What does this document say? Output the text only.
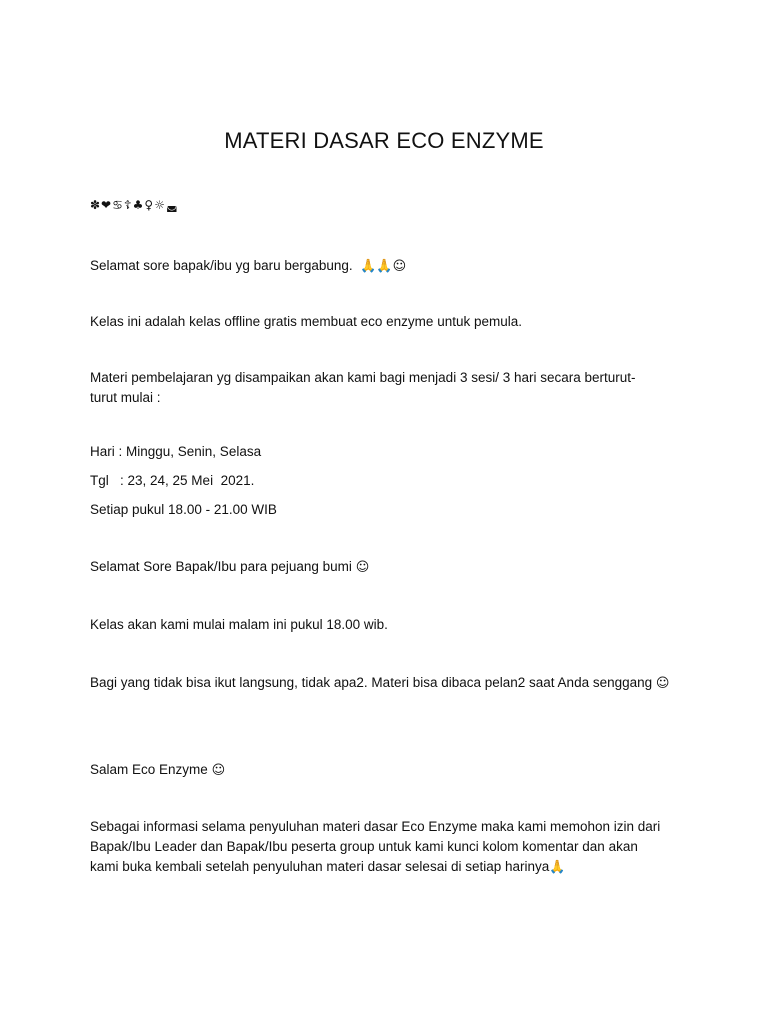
MATERI DASAR ECO ENZYME
✽❤♋☦♣♀☼◛
Selamat sore bapak/ibu yg baru bergabung. 🙏🙏☺
Kelas ini adalah kelas offline gratis membuat eco enzyme untuk pemula.
Materi pembelajaran yg disampaikan akan kami bagi menjadi 3 sesi/ 3 hari secara berturut-
turut mulai :
Hari : Minggu, Senin, Selasa
Tgl   : 23, 24, 25 Mei  2021.
Setiap pukul 18.00 - 21.00 WIB
Selamat Sore Bapak/Ibu para pejuang bumi ☺
Kelas akan kami mulai malam ini pukul 18.00 wib.
Bagi yang tidak bisa ikut langsung, tidak apa2. Materi bisa dibaca pelan2 saat Anda senggang ☺
Salam Eco Enzyme ☺
Sebagai informasi selama penyuluhan materi dasar Eco Enzyme maka kami memohon izin dari
Bapak/Ibu Leader dan Bapak/Ibu peserta group untuk kami kunci kolom komentar dan akan
kami buka kembali setelah penyuluhan materi dasar selesai di setiap harinya🙏
